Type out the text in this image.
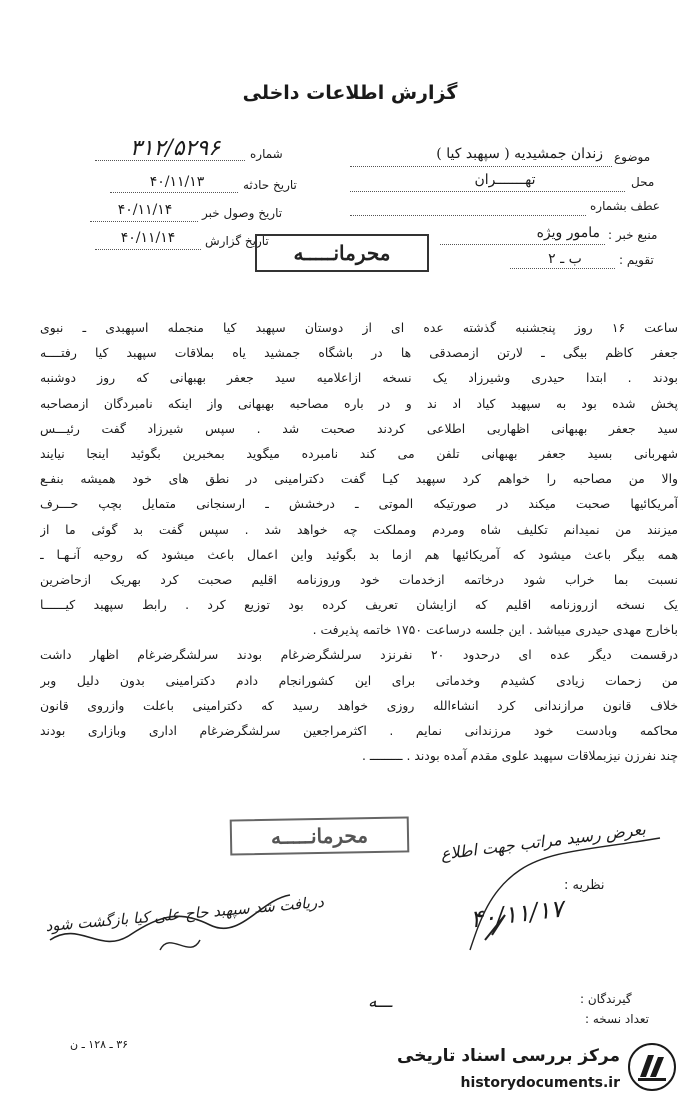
گزارش اطلاعات داخلی
موضوع
محل
عطف بشماره
منبع خبر :
تقویم :
زندان جمشیدیه ( سپهبد کیا )
تهـــــــران
مامور ویژه
ب ـ ۲
شماره
تاریخ حادثه
تاریخ وصول خبر
تاریخ گزارش
۳۱۲/۵۲۹۶
۴۰/۱۱/۱۳
۴۰/۱۱/۱۴
۴۰/۱۱/۱۴
محرمانـــــه
ساعت ۱۶ روز پنجشنبه گذشته عده ای از دوستان سپهبد کیا منجمله اسپهبدی ـ نبوی
جعفر کاظم بیگی ـ لارتن ازمصدقی ها در باشگاه جمشید یاه بملاقات سپهبد کیا رفتــــه
بودند . ابتدا حیدری وشیرزاد یک نسخه ازاعلامیه سید جعفر بهبهانی که روز دوشنبه
پخش شده بود به سپهبد کیاد اد ند و در باره مصاحبه بهبهانی واز اینکه نامبردگان ازمصاحبه
سید جعفر بهبهانی اظهاربی اطلاعی کردند صحبت شد . سپس شیرزاد گفت رئیـــس
شهربانی بسید جعفر بهبهانی تلفن می کند نامبرده میگوید بمخبرین بگوئید اینجا نیایند
والا من مصاحبه را خواهم کرد سپهبد کیـا گفت دکترامینی در نطق های خود همیشه بنفـع
آمریکائیها صحبت میکند در صورتیکه الموتی ـ درخشش ـ ارسنجانی متمایل بچپ حـــرف
میزنند من نمیدانم تکلیف شاه ومردم ومملکت چه خواهد شد . سپس گفت بد گوئی ما از
همه بیگر باعث میشود که آمریکائیها هم ازما بد بگوئید واین اعمال باعث میشود که روحیه آنـهـا ـ
نسبت بما خراب شود درخاتمه ازخدمات خود وروزنامه اقلیم صحبت کرد بهریک ازحاضرین
یک نسخه ازروزنامه اقلیم که ازایشان تعریف کرده بود توزیع کرد . رابط سپهبد کیــــــا
باخارج مهدی حیدری میباشد . این جلسه درساعت ۱۷۵۰ خاتمه پذیرفت .
درقسمت دیگر عده ای درحدود ۲۰ نفرنزد سرلشگرضرغام بودند سرلشگرضرغام اظهار داشت
من زحمات زیادی کشیدم وخدماتی برای این کشورانجام دادم دکترامینی بدون دلیل وبر
خلاف قانون مرازندانی کرد انشاءالله روزی خواهد رسید که دکترامینی باعلت وازروی قانون
محاکمه وبادست خود مرزندانی نمایم . اکثرمراجعین سرلشگرضرغام اداری وبازاری بودند
چند نفرزن نیزبملاقات سپهبد علوی مقدم آمده بودند . ـــــــــ .
محرمانـــــه
نظریه :
بعرض رسید مراتب جهت اطلاع
۴۰/۱۱/۱۷
دریافت شد سپهبد حاج علی کیا بازگشت شود
ـــه	گیرندگان :
تعداد نسخه :
۳۶ ـ ۱۲۸ ـ ن
مرکز بررسی اسناد تاریخی
historydocuments.ir
